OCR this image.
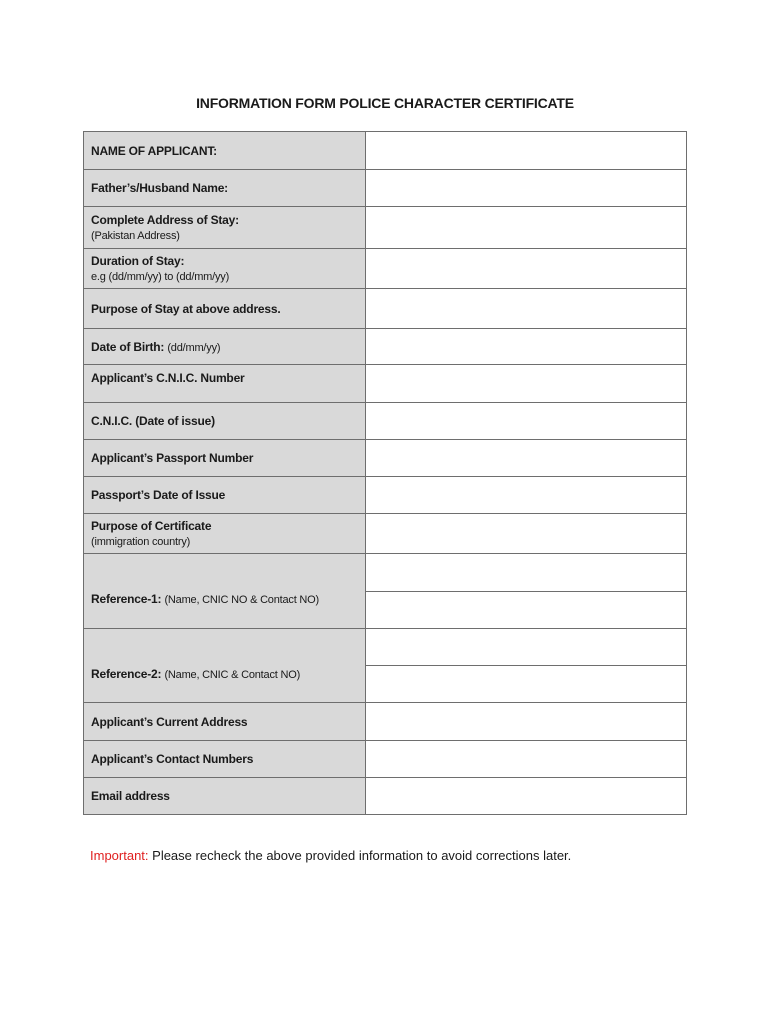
INFORMATION FORM POLICE CHARACTER CERTIFICATE
NAME OF APPLICANT:	
Father’s/Husband Name:	
Complete Address of Stay:
(Pakistan Address)	

Duration of Stay:
e.g (dd/mm/yy) to (dd/mm/yy)	

Purpose of Stay at above address.	
Date of Birth: (dd/mm/yy)	
Applicant’s C.N.I.C. Number	
C.N.I.C. (Date of issue)	
Applicant’s Passport Number	
Passport’s Date of Issue	
Purpose of Certificate
(immigration country)	

Reference-1: (Name, CNIC NO & Contact NO)	

Reference-2: (Name, CNIC & Contact NO)	

Applicant’s Current Address	
Applicant’s Contact Numbers	
Email address	
Important: Please recheck the above provided information to avoid corrections later.
